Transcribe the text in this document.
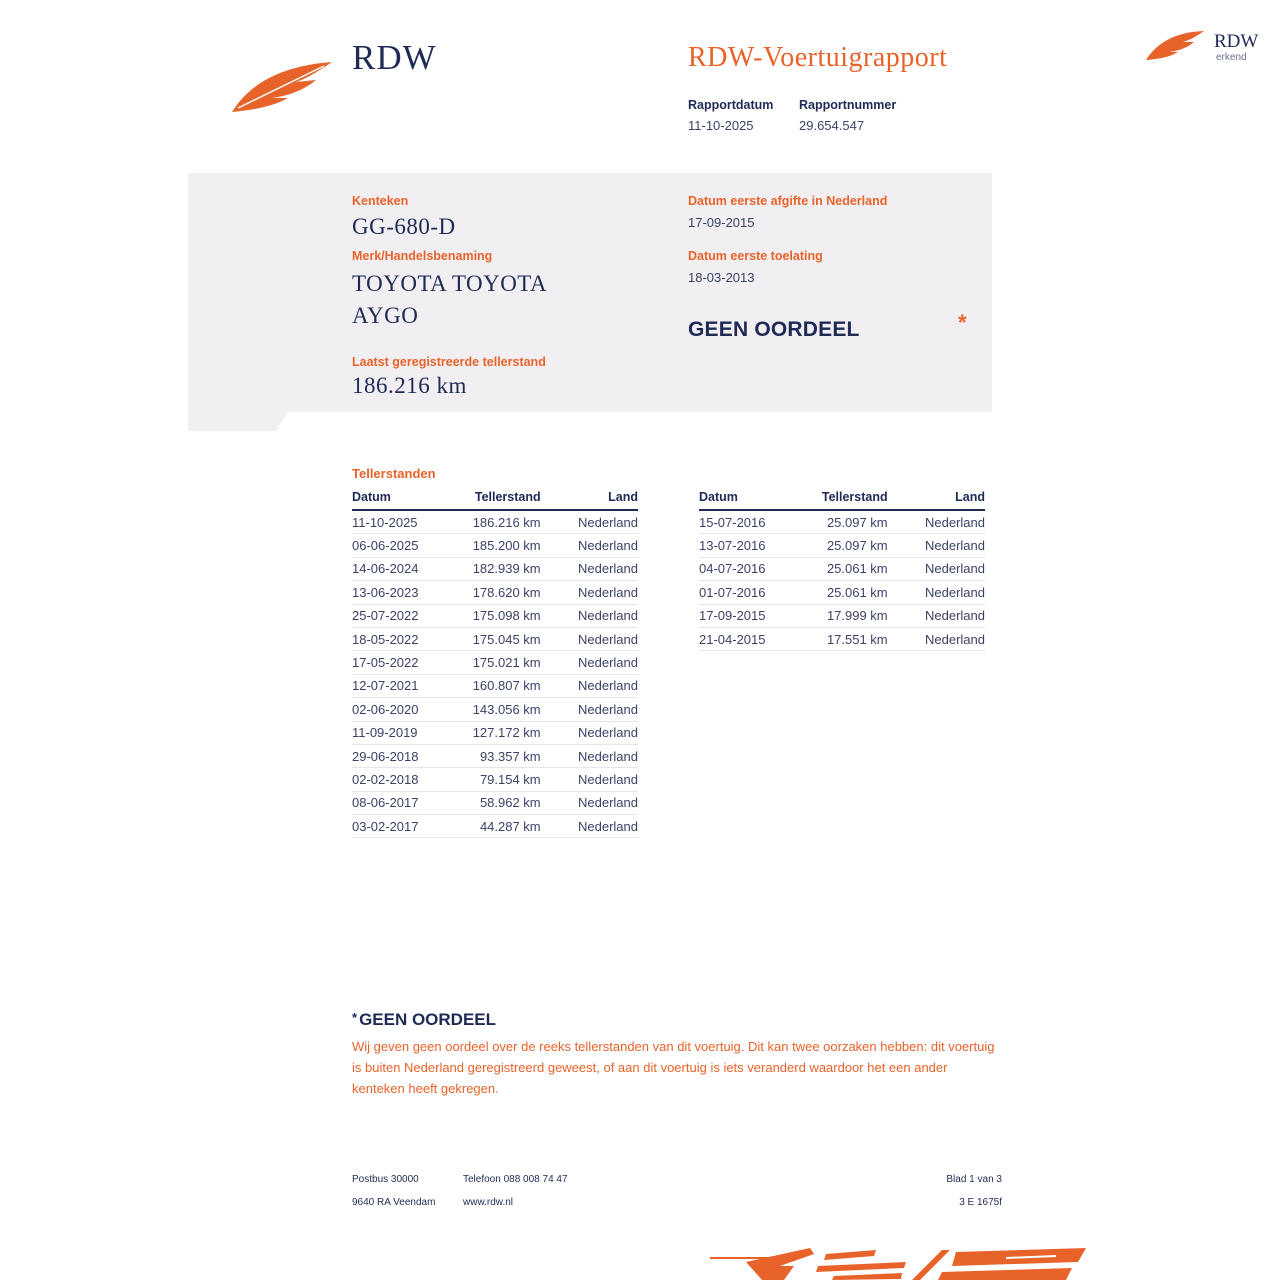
RDW	RDW-Voertuigrapport
Rapportdatum
11-10-2025
Rapportnummer
29.654.547
RDW
erkend
Kenteken
GG-680-D
Merk/Handelsbenaming
TOYOTA TOYOTA
AYGO
Laatst geregistreerde tellerstand
186.216 km
Datum eerste afgifte in Nederland
17-09-2015
Datum eerste toelating
18-03-2013
GEEN OORDEEL	*
Tellerstanden
Datum	Tellerstand	Land
11-10-2025	186.216 km	Nederland
06-06-2025	185.200 km	Nederland
14-06-2024	182.939 km	Nederland
13-06-2023	178.620 km	Nederland
25-07-2022	175.098 km	Nederland
18-05-2022	175.045 km	Nederland
17-05-2022	175.021 km	Nederland
12-07-2021	160.807 km	Nederland
02-06-2020	143.056 km	Nederland
11-09-2019	127.172 km	Nederland
29-06-2018	93.357 km	Nederland
02-02-2018	79.154 km	Nederland
08-06-2017	58.962 km	Nederland
03-02-2017	44.287 km	Nederland
Datum	Tellerstand	Land
15-07-2016	25.097 km	Nederland
13-07-2016	25.097 km	Nederland
04-07-2016	25.061 km	Nederland
01-07-2016	25.061 km	Nederland
17-09-2015	17.999 km	Nederland
21-04-2015	17.551 km	Nederland
* GEEN OORDEEL
Wij geven geen oordeel over de reeks tellerstanden van dit voertuig. Dit kan twee oorzaken hebben: dit voertuig is buiten Nederland geregistreerd geweest, of aan dit voertuig is iets veranderd waardoor het een ander kenteken heeft gekregen.
Postbus 30000
9640 RA Veendam
Telefoon 088 008 74 47
www.rdw.nl
Blad 1 van 3
3 E 1675f
